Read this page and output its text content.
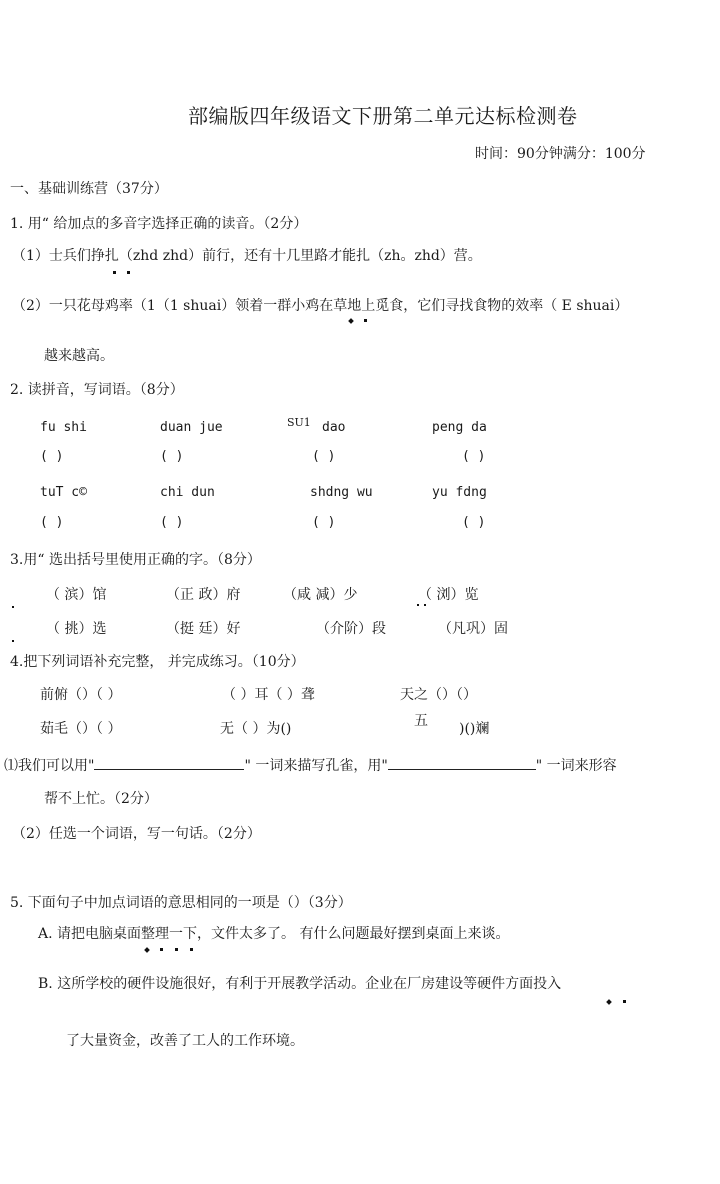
部编版四年级语文下册第二单元达标检测卷
时间：90分钟满分：100分
一、基础训练营（37分）
1. 用“ 给加点的多音字选择正确的读音。（2分）
（1）士兵们挣扎（zhd zhd）前行，还有十几里路才能扎（zh。zhd）营。
（2）一只花母鸡率（1（1 shuai）领着一群小鸡在草地上觅食，它们寻找食物的效率（ E shuai）
越来越高。
2. 读拼音，写词语。（8分）
fu shi	duan jue	SU1 dao	peng da
( )	( )	( )	( )
tuT c©	chi dun	shdng wu	yu fdng
( )	( )	( )	( )
3.用“ 选出括号里使用正确的字。（8分）
（ 滨）馆	（正 政）府	（咸 减）少	（ 浏）览
（ 挑）选	（挺 廷）好	（介阶）段	（凡巩）固
4.把下列词语补充完整， 并完成练习。（10分）
前俯（）（ ）	（ ）耳（ ）聋	天之（）（）
茹毛（）（ ）	无（ ）为()	五 )()斓
⑴我们可以用"	" 一词来描写孔雀，用"	" 一词来形容
帮不上忙。（2分）
（2）任选一个词语，写一句话。（2分）
5. 下面句子中加点词语的意思相同的一项是（）（3分）
A. 请把电脑桌面整理一下，文件太多了。 有什么问题最好摆到桌面上来谈。
B. 这所学校的硬件设施很好，有利于开展教学活动。企业在厂房建设等硬件方面投入
了大量资金，改善了工人的工作环境。
